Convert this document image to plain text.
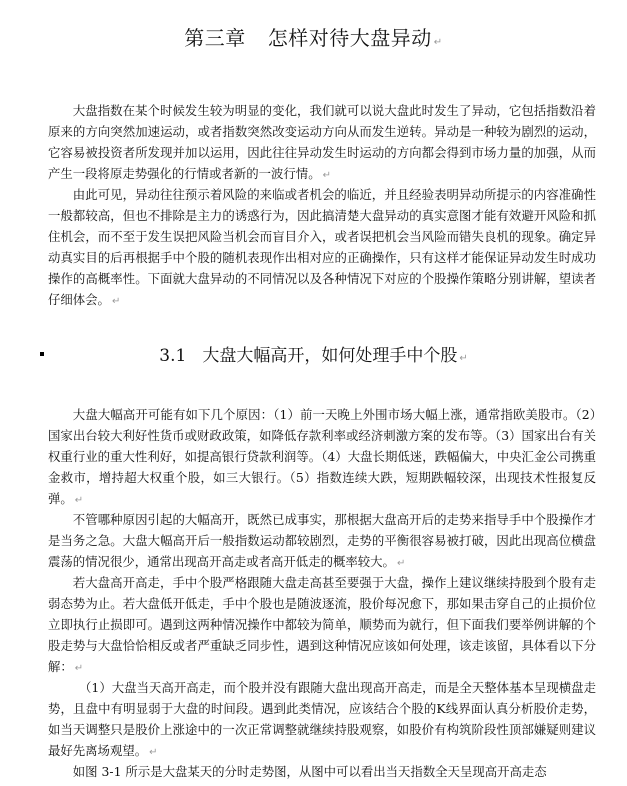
第三章 怎样对待大盘异动 ↵

大盘指数在某个时候发生较为明显的变化，我们就可以说大盘此时发生了异动，它包括指数沿着原来的方向突然加速运动，或者指数突然改变运动方向从而发生逆转。异动是一种较为剧烈的运动，它容易被投资者所发现并加以运用，因此往往异动发生时运动的方向都会得到市场力量的加强，从而产生一段将原走势强化的行情或者新的一波行情。 ↵

由此可见，异动往往预示着风险的来临或者机会的临近，并且经验表明异动所提示的内容准确性一般都较高，但也不排除是主力的诱惑行为，因此搞清楚大盘异动的真实意图才能有效避开风险和抓住机会，而不至于发生误把风险当机会而盲目介入，或者误把机会当风险而错失良机的现象。确定异动真实目的后再根据手中个股的随机表现作出相对应的正确操作，只有这样才能保证异动发生时成功操作的高概率性。下面就大盘异动的不同情况以及各种情况下对应的个股操作策略分别讲解，望读者仔细体会。 ↵

3.1 大盘大幅高开，如何处理手中个股 ↵

大盘大幅高开可能有如下几个原因：（1）前一天晚上外围市场大幅上涨，通常指欧美股市。（2）国家出台较大利好性货币或财政政策，如降低存款利率或经济刺激方案的发布等。（3）国家出台有关权重行业的重大性利好，如提高银行贷款利润等。（4）大盘长期低迷，跌幅偏大，中央汇金公司携重金救市，增持超大权重个股，如三大银行。（5）指数连续大跌，短期跌幅较深，出现技术性报复反弹。 ↵

不管哪种原因引起的大幅高开，既然已成事实，那根据大盘高开后的走势来指导手中个股操作才是当务之急。大盘大幅高开后一般指数运动都较剧烈，走势的平衡很容易被打破，因此出现高位横盘震荡的情况很少，通常出现高开高走或者高开低走的概率较大。 ↵

若大盘高开高走，手中个股严格跟随大盘走高甚至要强于大盘，操作上建议继续持股到个股有走弱态势为止。若大盘低开低走，手中个股也是随波逐流，股价每况愈下，那如果击穿自己的止损价位立即执行止损即可。遇到这两种情况操作中都较为简单，顺势而为就行，但下面我们要举例讲解的个股走势与大盘恰恰相反或者严重缺乏同步性，遇到这种情况应该如何处理，该走该留，具体看以下分解： ↵

（1）大盘当天高开高走，而个股并没有跟随大盘出现高开高走，而是全天整体基本呈现横盘走势，且盘中有明显弱于大盘的时间段。遇到此类情况，应该结合个股的K线界面认真分析股价走势，如当天调整只是股价上涨途中的一次正常调整就继续持股观察，如股价有构筑阶段性顶部嫌疑则建议最好先离场观望。 ↵

如图 3-1 所示是大盘某天的分时走势图，从图中可以看出当天指数全天呈现高开高走态
